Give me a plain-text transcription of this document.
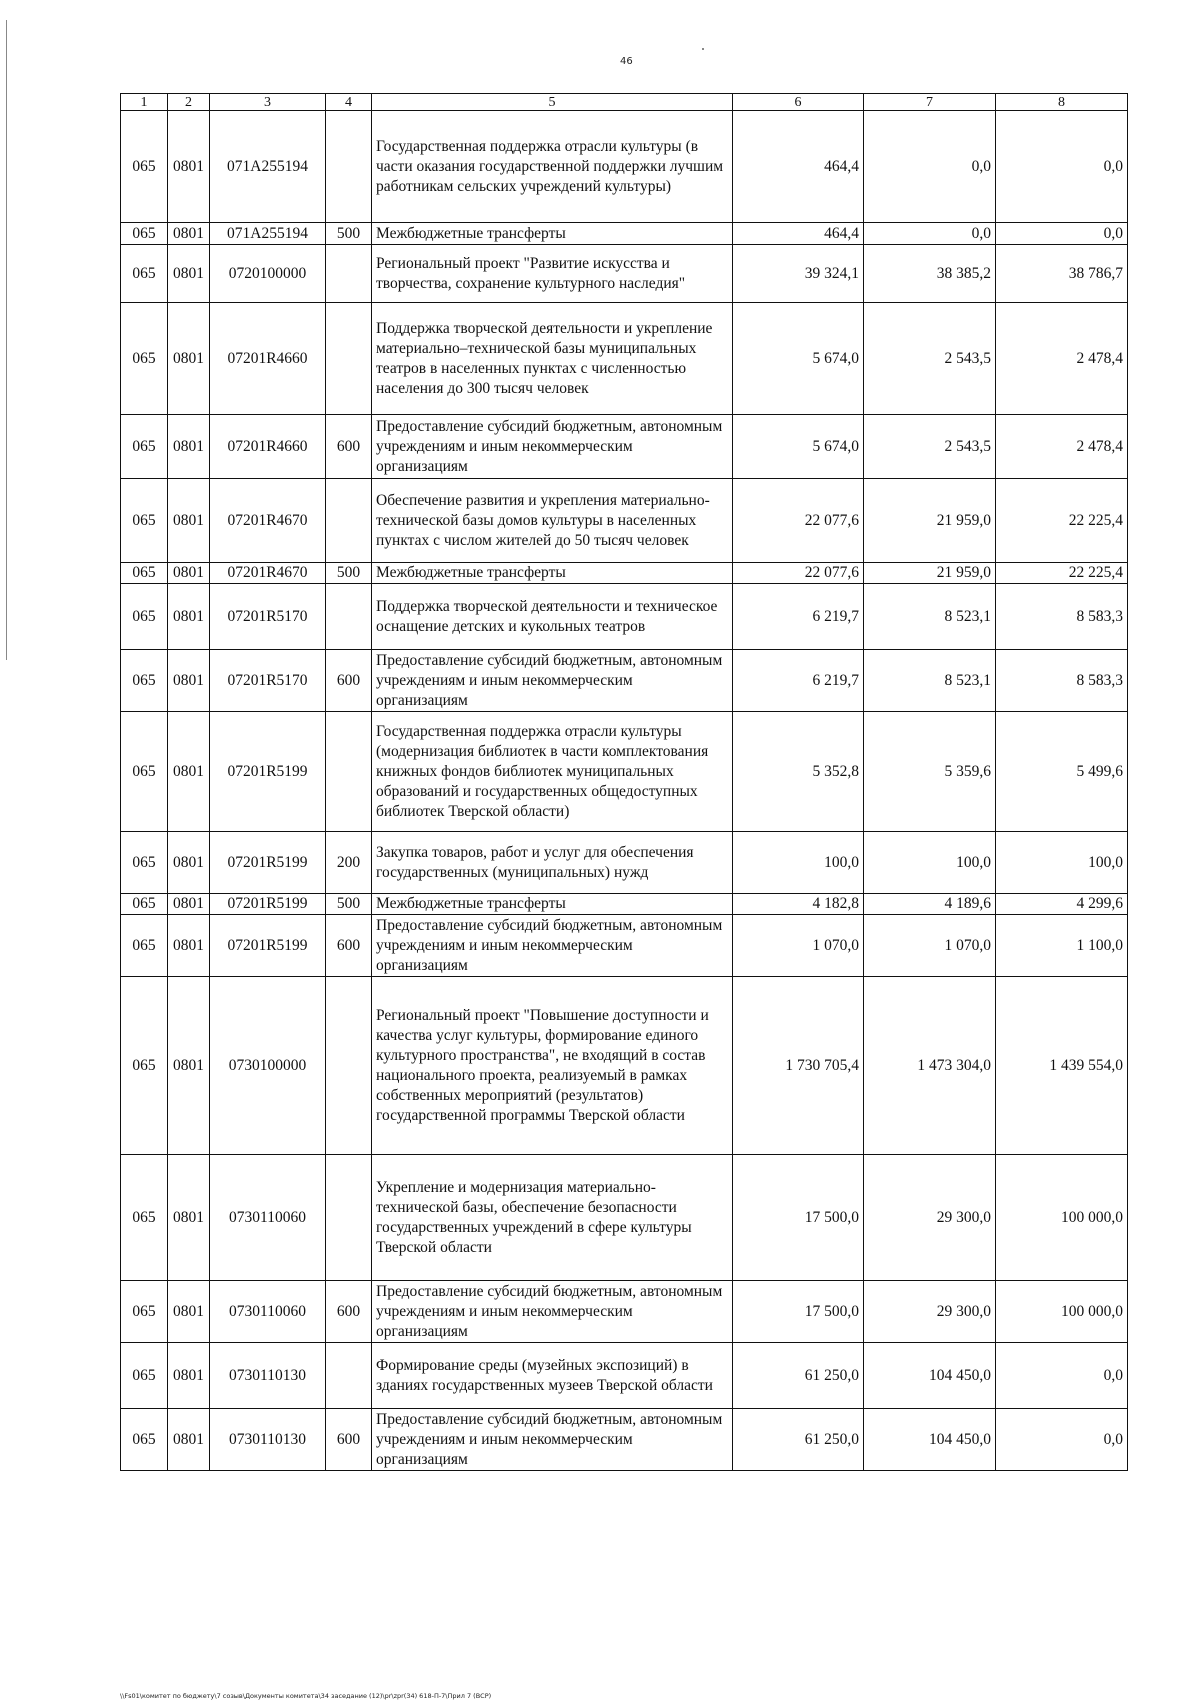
46
1	2	3	4	5	6	7	8
065	0801	071А255194		Государственная поддержка отрасли культуры (в части оказания государственной поддержки лучшим работникам сельских учреждений культуры)	464,4	0,0	0,0
065	0801	071А255194	500	Межбюджетные трансферты	464,4	0,0	0,0
065	0801	0720100000		Региональный проект "Развитие искусства и творчества, сохранение культурного наследия"	39 324,1	38 385,2	38 786,7
065	0801	07201R4660		Поддержка творческой деятельности и укрепление материально–технической базы муниципальных театров в населенных пунктах с численностью населения до 300 тысяч человек	5 674,0	2 543,5	2 478,4
065	0801	07201R4660	600	Предоставление субсидий бюджетным, автономным учреждениям и иным некоммерческим организациям	5 674,0	2 543,5	2 478,4
065	0801	07201R4670		Обеспечение развития и укрепления материально-технической базы домов культуры в населенных пунктах с числом жителей до 50 тысяч человек	22 077,6	21 959,0	22 225,4
065	0801	07201R4670	500	Межбюджетные трансферты	22 077,6	21 959,0	22 225,4
065	0801	07201R5170		Поддержка творческой деятельности и техническое оснащение детских и кукольных театров	6 219,7	8 523,1	8 583,3
065	0801	07201R5170	600	Предоставление субсидий бюджетным, автономным учреждениям и иным некоммерческим организациям	6 219,7	8 523,1	8 583,3
065	0801	07201R5199		Государственная поддержка отрасли культуры (модернизация библиотек в части комплектования книжных фондов библиотек муниципальных образований и государственных общедоступных библиотек Тверской области)	5 352,8	5 359,6	5 499,6
065	0801	07201R5199	200	Закупка товаров, работ и услуг для обеспечения государственных (муниципальных) нужд	100,0	100,0	100,0
065	0801	07201R5199	500	Межбюджетные трансферты	4 182,8	4 189,6	4 299,6
065	0801	07201R5199	600	Предоставление субсидий бюджетным, автономным учреждениям и иным некоммерческим организациям	1 070,0	1 070,0	1 100,0
065	0801	0730100000		Региональный проект "Повышение доступности и качества услуг культуры, формирование единого культурного пространства", не входящий в состав национального проекта, реализуемый в рамках собственных мероприятий (результатов) государственной программы Тверской области	1 730 705,4	1 473 304,0	1 439 554,0
065	0801	0730110060		Укрепление и модернизация материально-технической базы, обеспечение безопасности государственных учреждений в сфере культуры Тверской области	17 500,0	29 300,0	100 000,0
065	0801	0730110060	600	Предоставление субсидий бюджетным, автономным учреждениям и иным некоммерческим организациям	17 500,0	29 300,0	100 000,0
065	0801	0730110130		Формирование среды (музейных экспозиций) в зданиях государственных музеев Тверской области	61 250,0	104 450,0	0,0
065	0801	0730110130	600	Предоставление субсидий бюджетным, автономным учреждениям и иным некоммерческим организациям	61 250,0	104 450,0	0,0
\\Fs01\комитет по бюджету\7 созыв\Документы комитета\34 заседание (12)\pr\zpr(34) 618-П-7\Прил 7 (ВСР)
